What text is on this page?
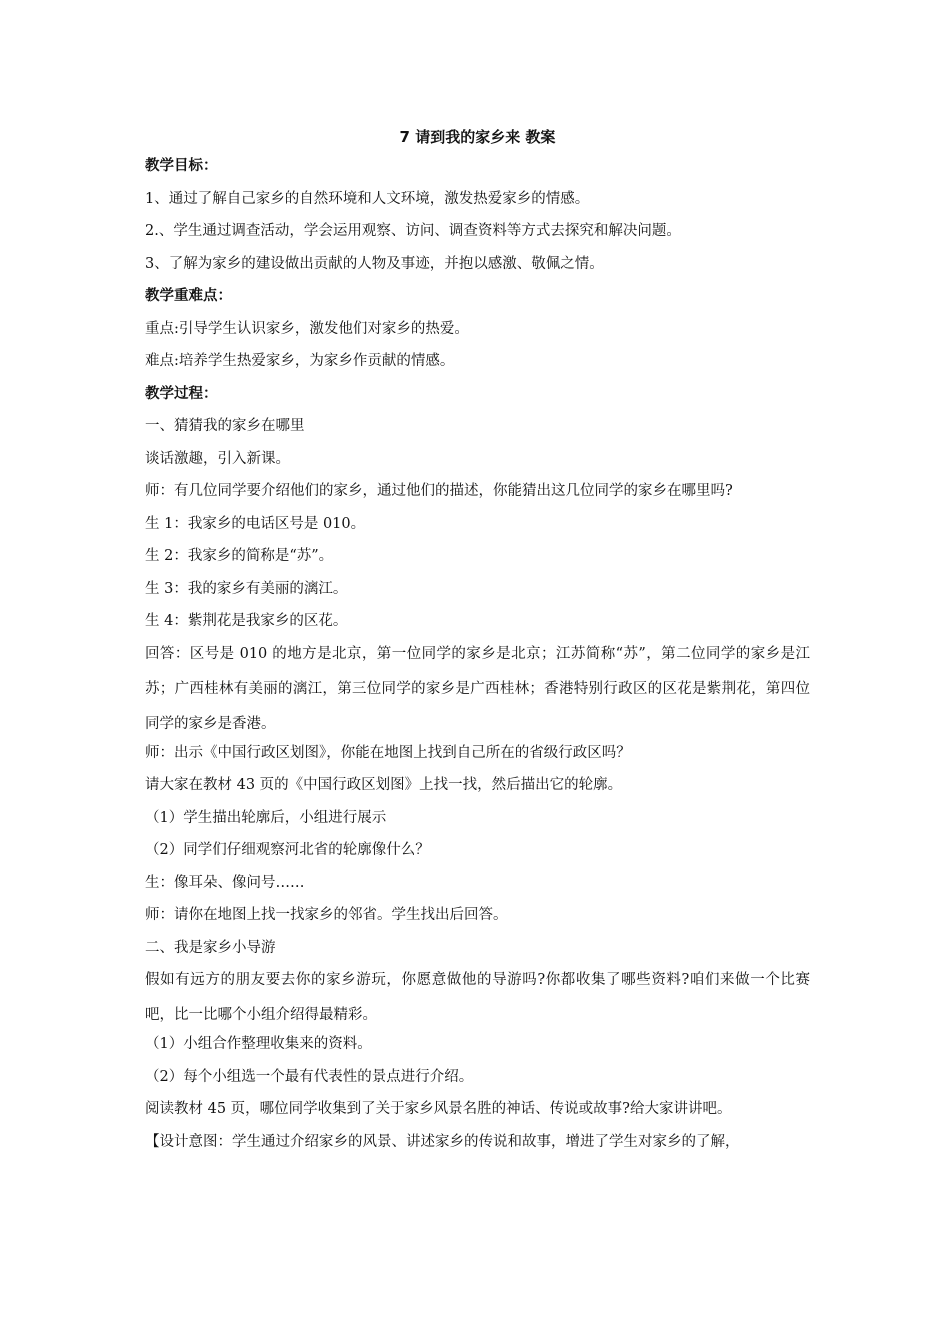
7 请到我的家乡来 教案

教学目标：

1、通过了解自己家乡的自然环境和人文环境，激发热爱家乡的情感。

2.、学生通过调查活动，学会运用观察、访问、调查资料等方式去探究和解决问题。

3、了解为家乡的建设做出贡献的人物及事迹，并抱以感激、敬佩之情。

教学重难点：

重点:引导学生认识家乡，激发他们对家乡的热爱。

难点:培养学生热爱家乡，为家乡作贡献的情感。

教学过程：

一、猜猜我的家乡在哪里

谈话激趣，引入新课。

师：有几位同学要介绍他们的家乡，通过他们的描述，你能猜出这几位同学的家乡在哪里吗?

生 1：我家乡的电话区号是 010。

生 2：我家乡的简称是“苏”。

生 3：我的家乡有美丽的漓江。

生 4：紫荆花是我家乡的区花。

回答：区号是 010 的地方是北京，第一位同学的家乡是北京；江苏简称“苏”，第二位同学的家乡是江苏；广西桂林有美丽的漓江，第三位同学的家乡是广西桂林；香港特别行政区的区花是紫荆花，第四位同学的家乡是香港。

师：出示《中国行政区划图》，你能在地图上找到自己所在的省级行政区吗？

请大家在教材 43 页的《中国行政区划图》上找一找，然后描出它的轮廓。

（1）学生描出轮廓后，小组进行展示

（2）同学们仔细观察河北省的轮廓像什么？

生：像耳朵、像问号……

师：请你在地图上找一找家乡的邻省。学生找出后回答。

二、我是家乡小导游

假如有远方的朋友要去你的家乡游玩，你愿意做他的导游吗?你都收集了哪些资料?咱们来做一个比赛吧，比一比哪个小组介绍得最精彩。

（1）小组合作整理收集来的资料。

（2）每个小组选一个最有代表性的景点进行介绍。

阅读教材 45 页，哪位同学收集到了关于家乡风景名胜的神话、传说或故事?给大家讲讲吧。

【设计意图：学生通过介绍家乡的风景、讲述家乡的传说和故事，增进了学生对家乡的了解，
